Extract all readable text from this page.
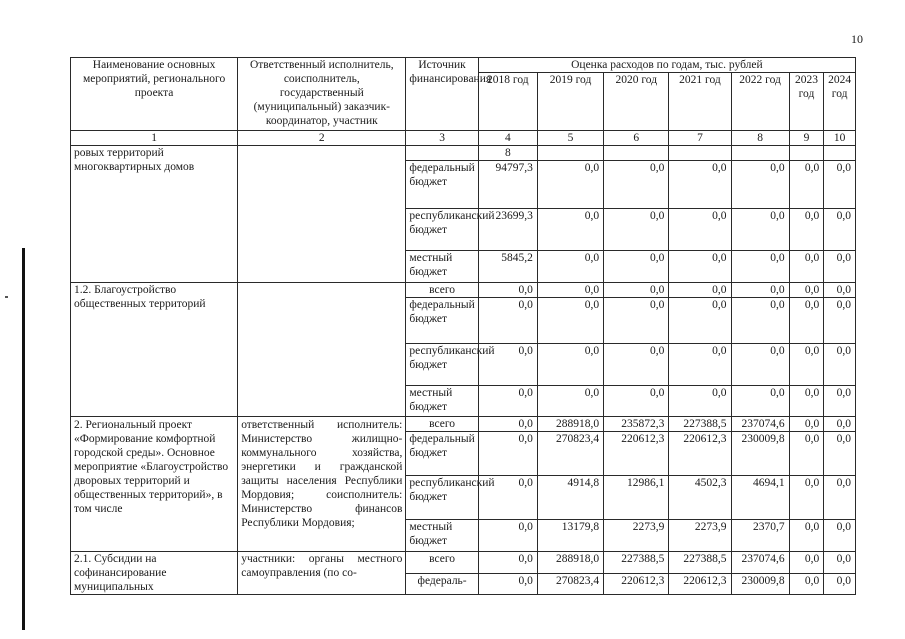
10
Наименование основных мероприятий, регионального проекта	Ответственный исполнитель, соисполнитель, государственный (муниципальный) заказчик-координатор, участник	Источник финансирования	Оценка расходов по годам, тыс. рублей						
			2018 год	2019 год	2020 год	2021 год	2022 год	2023 год	2024 год
1	2	3	4	5	6	7	8	9	10
ровых территорий многоквартирных домов			8						
		федеральный бюджет	94797,3	0,0	0,0	0,0	0,0	0,0	0,0
		республиканский бюджет	23699,3	0,0	0,0	0,0	0,0	0,0	0,0
		местный бюджет	5845,2	0,0	0,0	0,0	0,0	0,0	0,0
1.2. Благоустройство общественных территорий		всего	0,0	0,0	0,0	0,0	0,0	0,0	0,0
		федеральный бюджет	0,0	0,0	0,0	0,0	0,0	0,0	0,0
		республиканский бюджет	0,0	0,0	0,0	0,0	0,0	0,0	0,0
		местный бюджет	0,0	0,0	0,0	0,0	0,0	0,0	0,0
2. Региональный проект «Формирование комфортной городской среды». Основное мероприятие «Благоустройство дворовых территорий и общественных территорий», в том числе	ответственный исполнитель: Министерство жилищно-коммунального хозяйства, энергетики и гражданской защиты населения Республики Мордовия; соисполнитель: Министерство финансов Республики Мордовия;	всего	0,0	288918,0	235872,3	227388,5	237074,6	0,0	0,0
		федеральный бюджет	0,0	270823,4	220612,3	220612,3	230009,8	0,0	0,0
		республиканский бюджет	0,0	4914,8	12986,1	4502,3	4694,1	0,0	0,0
		местный бюджет	0,0	13179,8	2273,9	2273,9	2370,7	0,0	0,0
2.1. Субсидии на софинансирование муниципальных	участники: органы местного самоуправления (по со-	всего	0,0	288918,0	227388,5	227388,5	237074,6	0,0	0,0
		федераль-	0,0	270823,4	220612,3	220612,3	230009,8	0,0	0,0
